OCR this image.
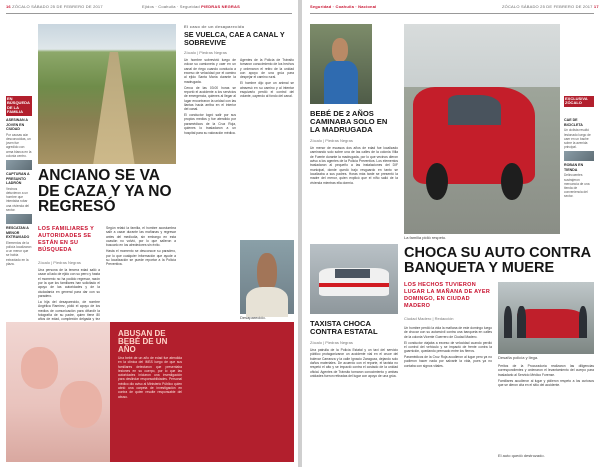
16 ZÓCALO SÁBADO 25 DE FEBRERO DE 2017	Ejidos · Coahuila · Seguridad PIEDRAS NEGRAS
EN BÚSQUEDA DE LA FAMILIA
ASESINAN A JOVEN EN CIUDAD
Por causas aún desconocidas, un joven fue agredido con arma blanca en la colonia centro.
CAPTURAN A PRESUNTO LADRÓN
Vecinos detuvieron a un hombre que intentaba robar una vivienda del sector.
RESCATAN A MENOR EXTRAVIADO
Elementos de la policía localizaron a un menor que se había extraviado en la plaza.
ANCIANO SE VA DE CAZA Y YA NO REGRESÓ
LOS FAMILIARES Y AUTORIDADES SE ESTÁN EN SU BÚSQUEDA
Zócalo | Piedras Negras

Una persona de la tercera edad salió a cazar al lado de ejido con su perro y hasta el momento no ha podido regresar, razón por la que los familiares han solicitado el apoyo de las autoridades y de la ciudadanía en general para dar con su paradero.

La hija del desaparecido, de nombre Angélica Ramírez, pidió el apoyo de los medios de comunicación para difundir la fotografía de su padre, quien tiene 80 años de edad, complexión delgada y tez

Según relató la familia, el hombre acostumbra salir a cazar durante las mañanas y regresar antes del mediodía, sin embargo en esta ocasión no volvió, por lo que salieron a buscarlo en los alrededores sin éxito.

Hasta el momento se desconoce su paradero, por lo que cualquier información que ayude a su localización se puede reportar a la Policía Preventiva.

El caso de un desaparecido
SE VUELCA, CAE A CANAL Y SOBREVIVE
Zócalo | Piedras Negras

Un hombre sobrevivió luego de volcar su camioneta y caer en un canal de riego cuando conducía a exceso de velocidad por el camino al ejido Santa María durante la madrugada.

Cerca de las 03:00 horas se reportó el accidente a los servicios de emergencia, quienes al llegar al lugar encontraron la unidad con las llantas hacia arriba en el interior del canal.

El conductor logró salir por sus propios medios y fue atendido por paramédicos de la Cruz Roja, quienes lo trasladaron a un hospital para su valoración médica.

Agentes de la Policía de Tránsito tomaron conocimiento de los hechos y ordenaron el retiro de la unidad con apoyo de una grúa para despejar el camino rural.

El hombre dijo que un animal se atravesó en su camino y al intentar esquivarlo perdió el control del volante, cayendo al fondo del canal.

Desaparecido.
ABUSAN DE BEBÉ DE UN AÑO
Una bebé de un año de edad fue atendida en la clínica del IMSS luego de que sus familiares detectaron que presentaba lesiones en su cuerpo, por lo que las autoridades iniciaron una investigación para deslindar responsabilidades. Personal médico dio aviso al Ministerio Público quien abrió una carpeta de investigación en contra de quien resulte responsable del abuso.
Seguridad · Coahuila · Nacional	ZÓCALO SÁBADO 25 DE FEBRERO DE 2017 17
BEBÉ DE 2 AÑOS CAMINABA SOLO EN LA MADRUGADA
Zócalo | Piedras Negras
Un menor de escasos dos años de edad fue localizado caminando solo sobre una de las calles de la colonia Villa de Fuente durante la madrugada, por lo que vecinos dieron aviso a los agentes de la Policía Preventiva. Los elementos trasladaron al pequeño a las instalaciones del DIF municipal, donde quedó bajo resguardo en tanto se localizaba a sus padres. Horas más tarde se presentó la madre del menor, quien explicó que el niño salió de la vivienda mientras ella dormía.
La familia pidió respeto.
EXCLUSIVA ZÓCALO
CAE DE BICICLETA
Un ciclista resultó lesionado luego de caer en un bache sobre la avenida principal.
ROBAN EN TIENDA
Delincuentes sustrajeron mercancía de una tienda de conveniencia del sector.
TAXISTA CHOCA CONTRA ESTATAL
Zócalo | Piedras Negras
Una patrulla de la Policía Estatal y un taxi del servicio público protagonizaron un accidente vial en el cruce del bulevar Carranza y la calle Ignacio Zaragoza, dejando solo daños materiales. De acuerdo con el reporte, el taxista no respetó el alto y se impactó contra el costado de la unidad oficial. Agentes de Tránsito tomaron conocimiento y ambas unidades fueron retiradas del lugar con apoyo de una grúa.
CHOCA SU AUTO CONTRA BANQUETA Y MUERE
LOS HECHOS TUVIERON LUGAR LA MAÑANA DE AYER DOMINGO, EN CIUDAD MADERO
Ciudad Madero | Redacción
Desafía policía y llega.

Un hombre perdió la vida la mañana de este domingo luego de chocar con su automóvil contra una banqueta en calles de la colonia Vicente Guerrero de Ciudad Madero.

El conductor viajaba a exceso de velocidad cuando perdió el control del vehículo y se impactó de frente contra la guarnición, quedando prensado entre los fierros.

Paramédicos de la Cruz Roja acudieron al lugar pero ya no pudieron hacer nada por salvarle la vida, pues ya no contaba con signos vitales.	Peritos de la Procuraduría realizaron las diligencias correspondientes y ordenaron el levantamiento del cuerpo para trasladarlo al Servicio Médico Forense.

Familiares acudieron al lugar y pidieron respeto a los curiosos que se dieron cita en el sitio del accidente.

El auto quedó destrozado.
